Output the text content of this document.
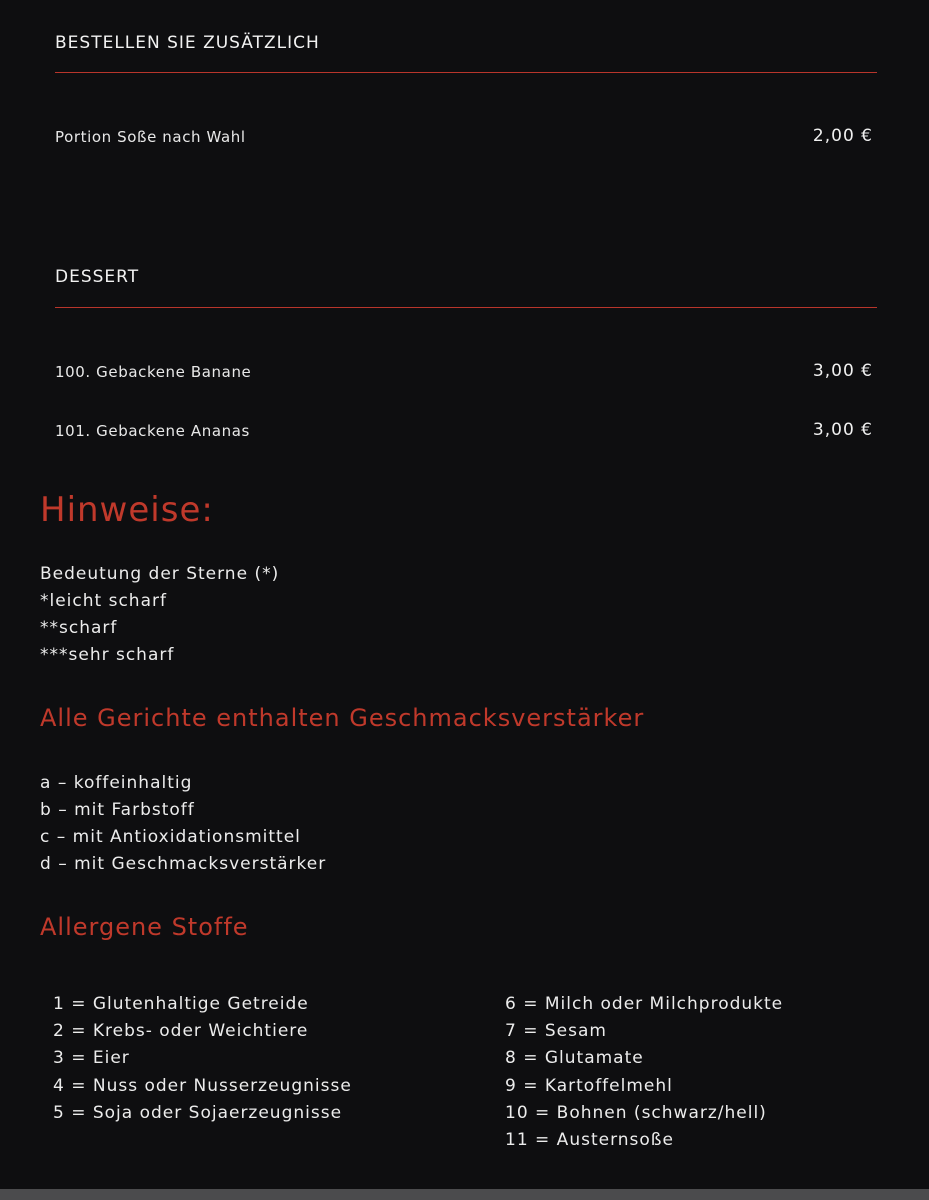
BESTELLEN SIE ZUSÄTZLICH
Portion Soße nach Wahl	2,00 €
DESSERT
100. Gebackene Banane	3,00 €
101. Gebackene Ananas	3,00 €
Hinweise:
Bedeutung der Sterne (*)
*leicht scharf
**scharf
***sehr scharf
Alle Gerichte enthalten Geschmacksverstärker
a – koffeinhaltig
b – mit Farbstoff
c – mit Antioxidationsmittel
d – mit Geschmacksverstärker
Allergene Stoffe
1 = Glutenhaltige Getreide
2 = Krebs- oder Weichtiere
3 = Eier
4 = Nuss oder Nusserzeugnisse
5 = Soja oder Sojaerzeugnisse
6 = Milch oder Milchprodukte
7 = Sesam
8 = Glutamate
9 = Kartoffelmehl
10 = Bohnen (schwarz/hell)
11 = Austernsoße
